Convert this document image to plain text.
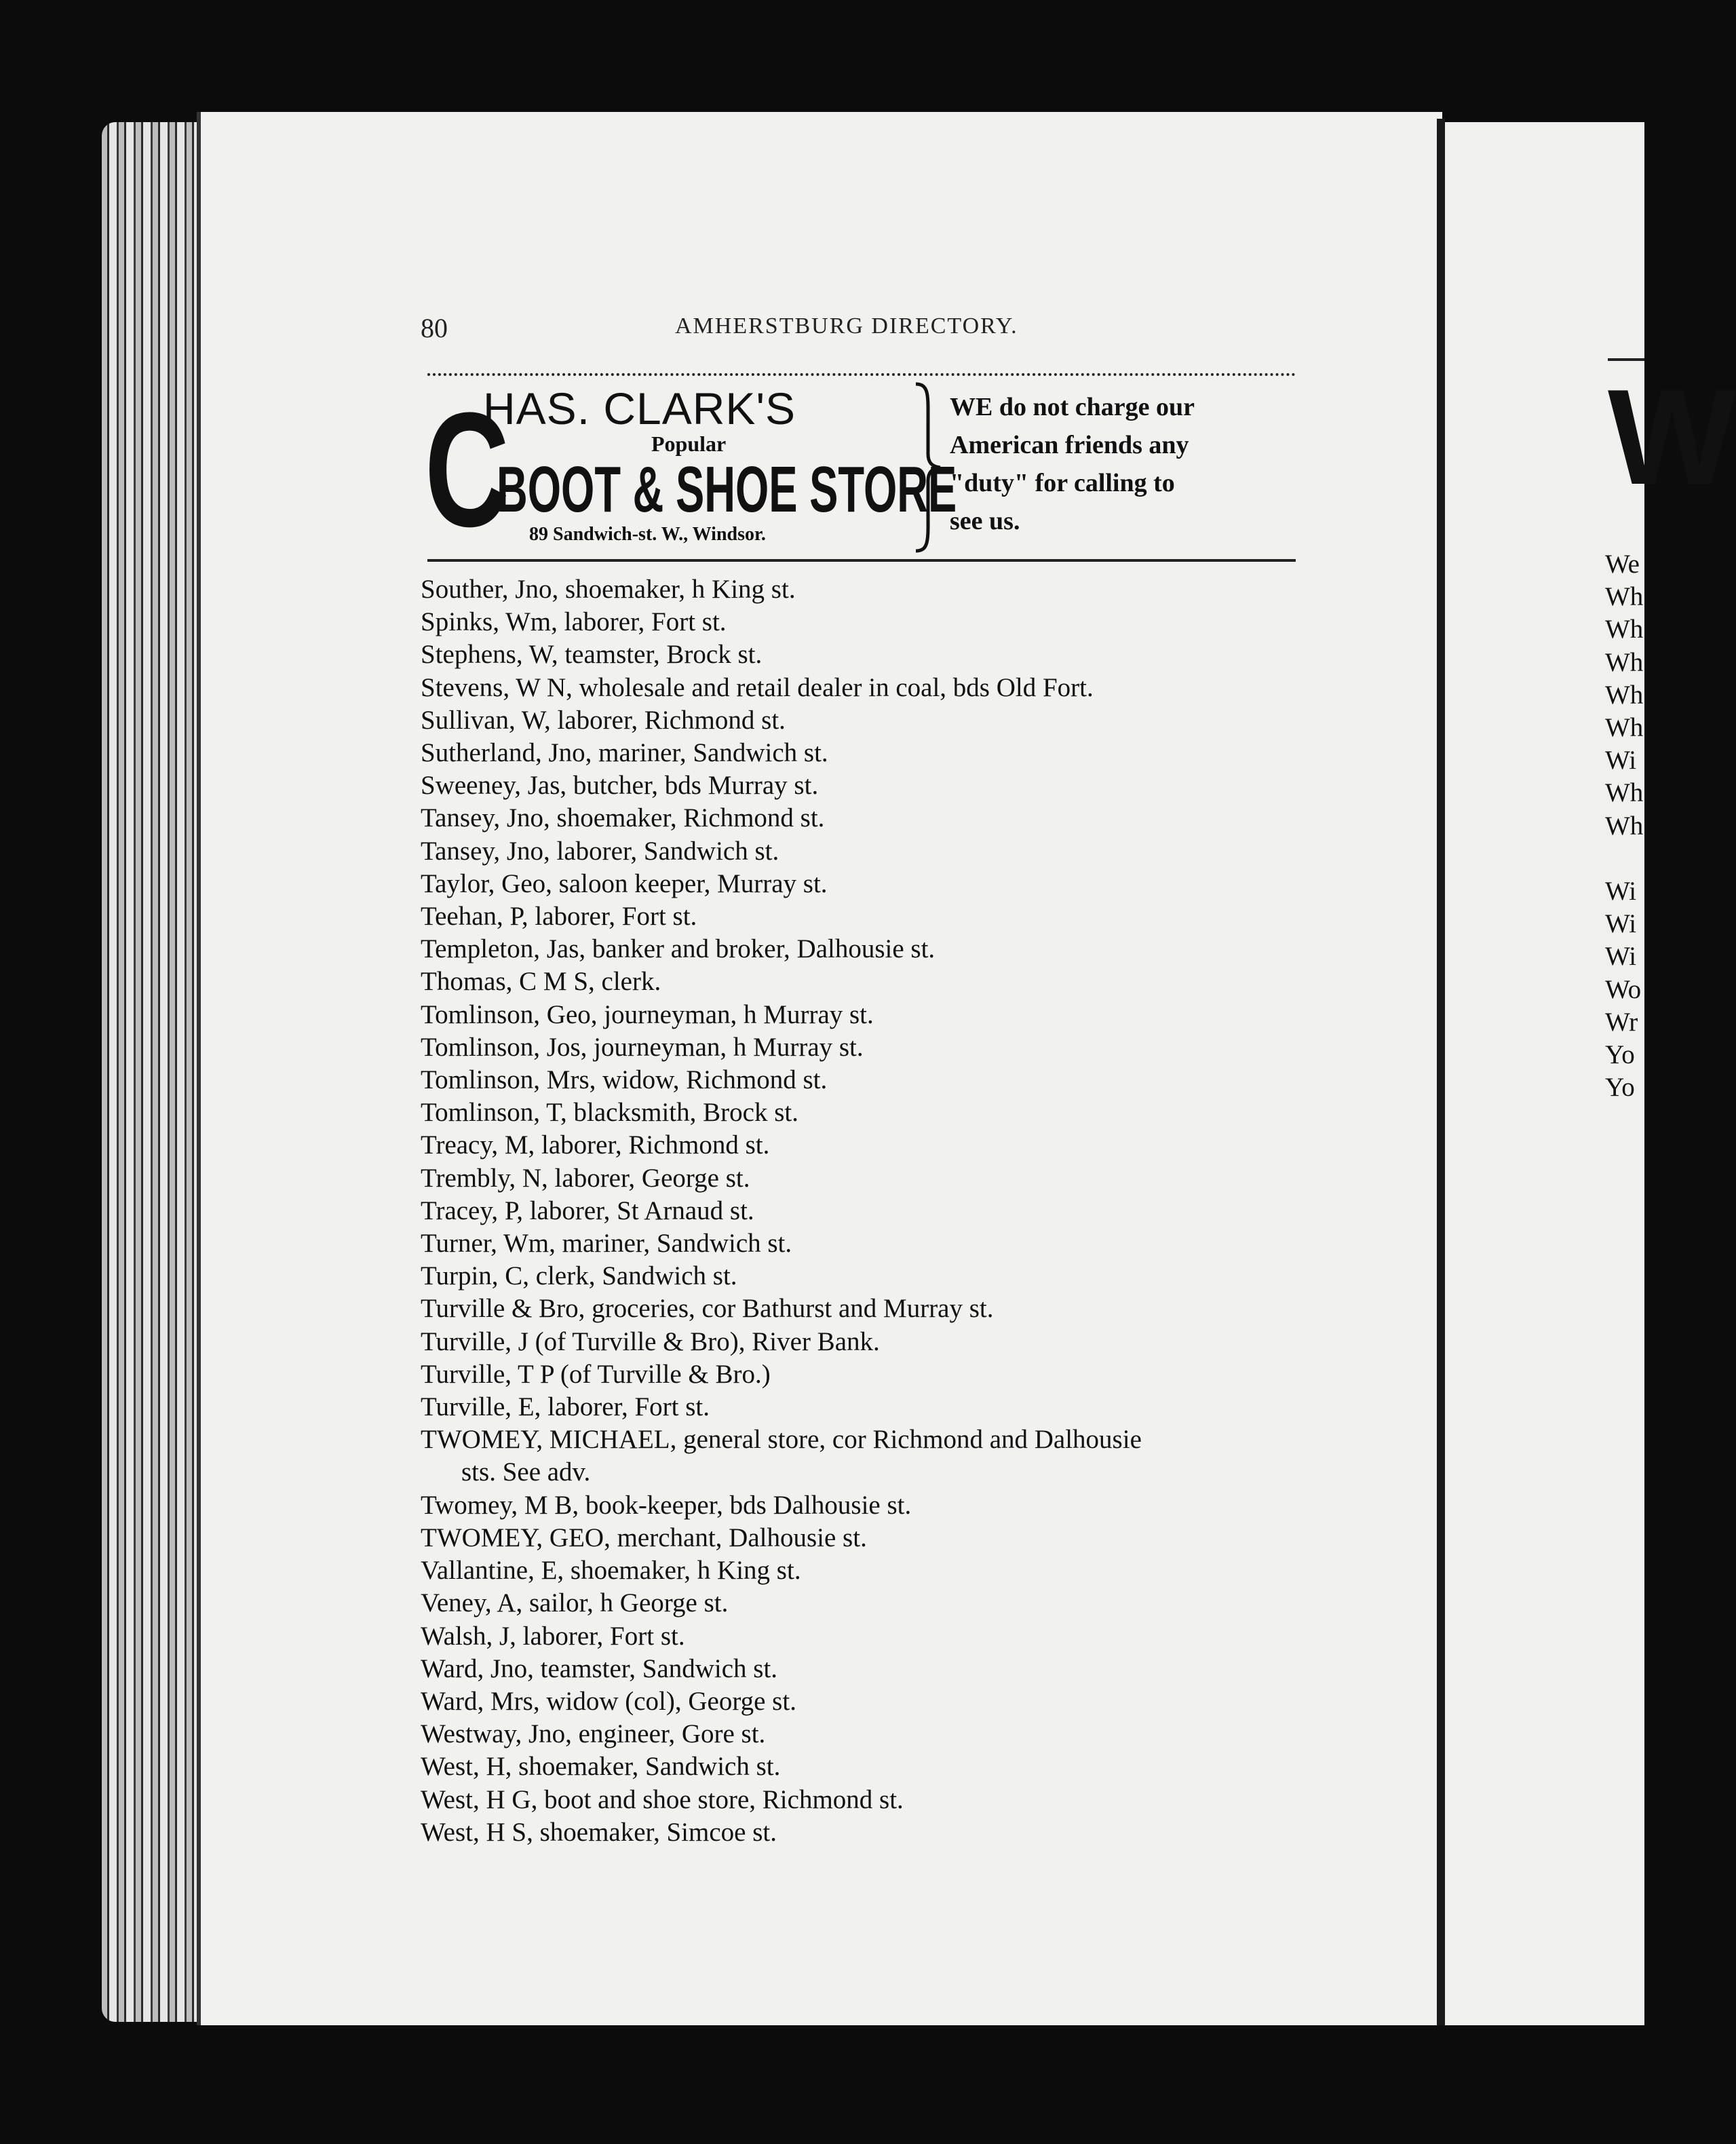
80	AMHERSTBURG DIRECTORY.
C
HAS. CLARK'S
Popular
BOOT & SHOE STORE
89 Sandwich-st. W., Windsor.
WE do not charge our
American friends any
"duty" for calling to
see us.
Souther, Jno, shoemaker, h King st.
Spinks, Wm, laborer, Fort st.
Stephens, W, teamster, Brock st.
Stevens, W N, wholesale and retail dealer in coal, bds Old Fort.
Sullivan, W, laborer, Richmond st.
Sutherland, Jno, mariner, Sandwich st.
Sweeney, Jas, butcher, bds Murray st.
Tansey, Jno, shoemaker, Richmond st.
Tansey, Jno, laborer, Sandwich st.
Taylor, Geo, saloon keeper, Murray st.
Teehan, P, laborer, Fort st.
Templeton, Jas, banker and broker, Dalhousie st.
Thomas, C M S, clerk.
Tomlinson, Geo, journeyman, h Murray st.
Tomlinson, Jos, journeyman, h Murray st.
Tomlinson, Mrs, widow, Richmond st.
Tomlinson, T, blacksmith, Brock st.
Treacy, M, laborer, Richmond st.
Trembly, N, laborer, George st.
Tracey, P, laborer, St Arnaud st.
Turner, Wm, mariner, Sandwich st.
Turpin, C, clerk, Sandwich st.
Turville & Bro, groceries, cor Bathurst and Murray st.
Turville, J (of Turville & Bro), River Bank.
Turville, T P (of Turville & Bro.)
Turville, E, laborer, Fort st.
TWOMEY, MICHAEL, general store, cor Richmond and Dalhousie
sts. See adv.
Twomey, M B, book-keeper, bds Dalhousie st.
TWOMEY, GEO, merchant, Dalhousie st.
Vallantine, E, shoemaker, h King st.
Veney, A, sailor, h George st.
Walsh, J, laborer, Fort st.
Ward, Jno, teamster, Sandwich st.
Ward, Mrs, widow (col), George st.
Westway, Jno, engineer, Gore st.
West, H, shoemaker, Sandwich st.
West, H G, boot and shoe store, Richmond st.
West, H S, shoemaker, Simcoe st.
W
We
Wh
Wh
Wh
Wh
Wh
Wi
Wh
Wh
Wi
Wi
Wi
Wo
Wr
Yo
Yo
